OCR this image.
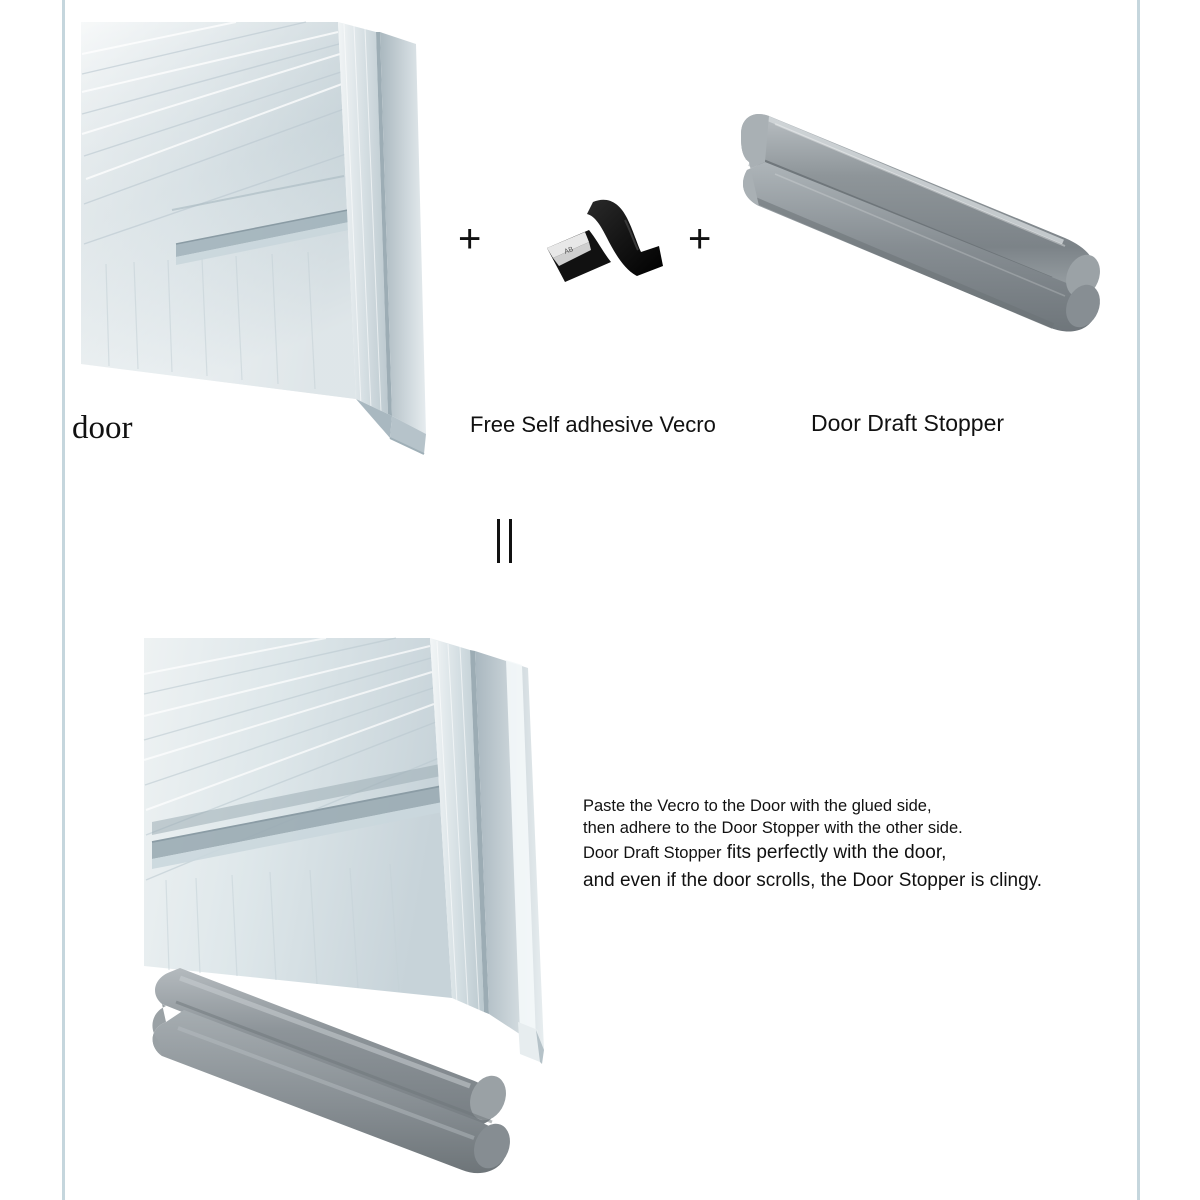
+	AB	+
door	Free Self adhesive Vecro	Door Draft Stopper
Paste the Vecro to the Door with the glued side,
then adhere to the Door Stopper with the other side.
Door Draft Stopper fits perfectly with the door,
and even if the door scrolls, the Door Stopper is clingy.
